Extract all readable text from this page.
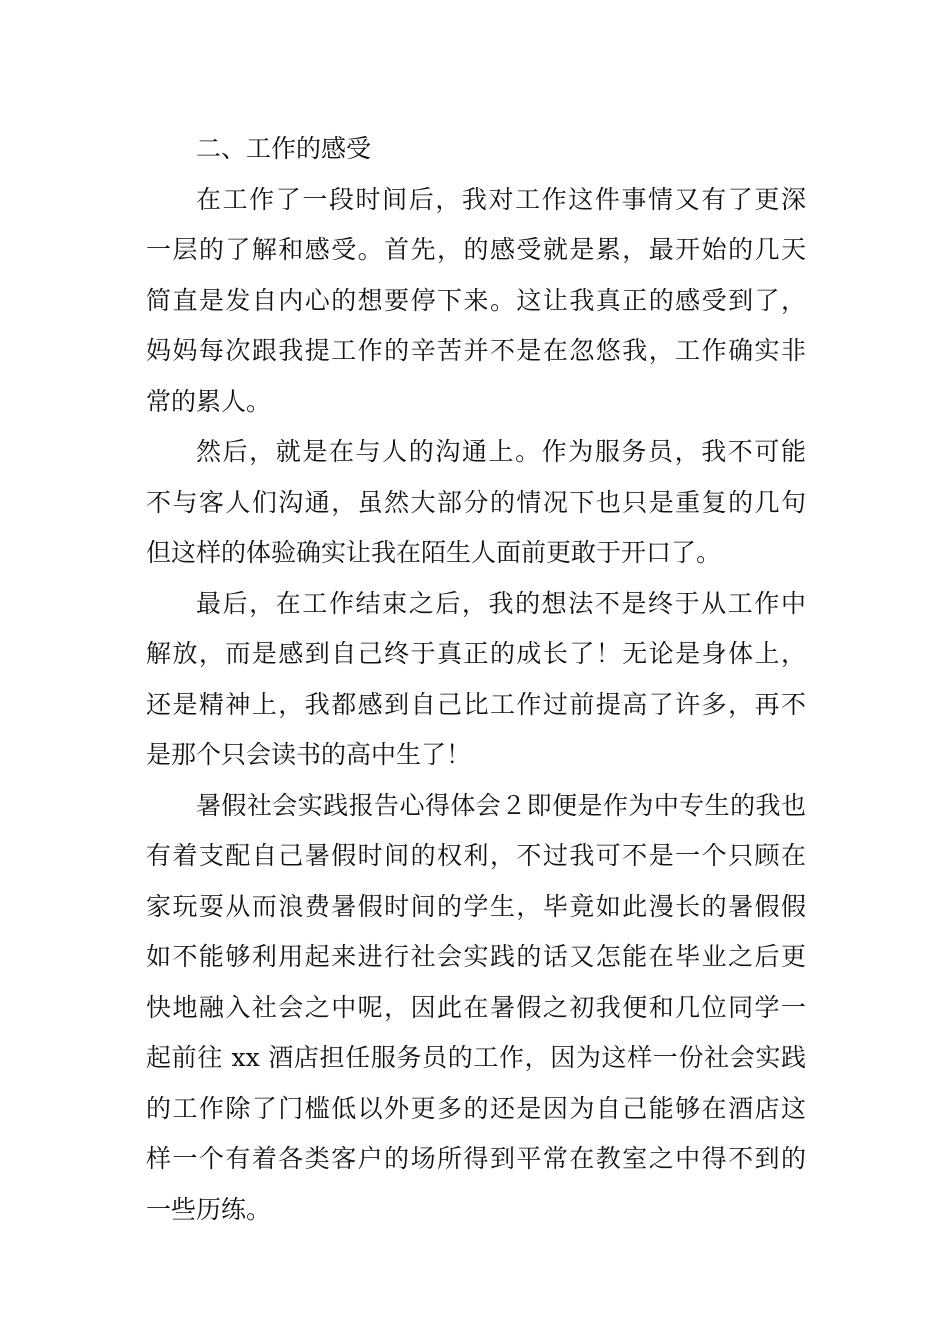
二、工作的感受

在工作了一段时间后，我对工作这件事情又有了更深
一层的了解和感受。首先，的感受就是累，最开始的几天
简直是发自内心的想要停下来。这让我真正的感受到了，
妈妈每次跟我提工作的辛苦并不是在忽悠我，工作确实非
常的累人。
然后，就是在与人的沟通上。作为服务员，我不可能
不与客人们沟通，虽然大部分的情况下也只是重复的几句
但这样的体验确实让我在陌生人面前更敢于开口了。
最后，在工作结束之后，我的想法不是终于从工作中
解放，而是感到自己终于真正的成长了！无论是身体上，
还是精神上，我都感到自己比工作过前提高了许多，再不
是那个只会读书的高中生了！
暑假社会实践报告心得体会２即便是作为中专生的我也
有着支配自己暑假时间的权利，不过我可不是一个只顾在
家玩耍从而浪费暑假时间的学生，毕竟如此漫长的暑假假
如不能够利用起来进行社会实践的话又怎能在毕业之后更
快地融入社会之中呢，因此在暑假之初我便和几位同学一
起前往 xx 酒店担任服务员的工作，因为这样一份社会实践
的工作除了门槛低以外更多的还是因为自己能够在酒店这
样一个有着各类客户的场所得到平常在教室之中得不到的
一些历练。
